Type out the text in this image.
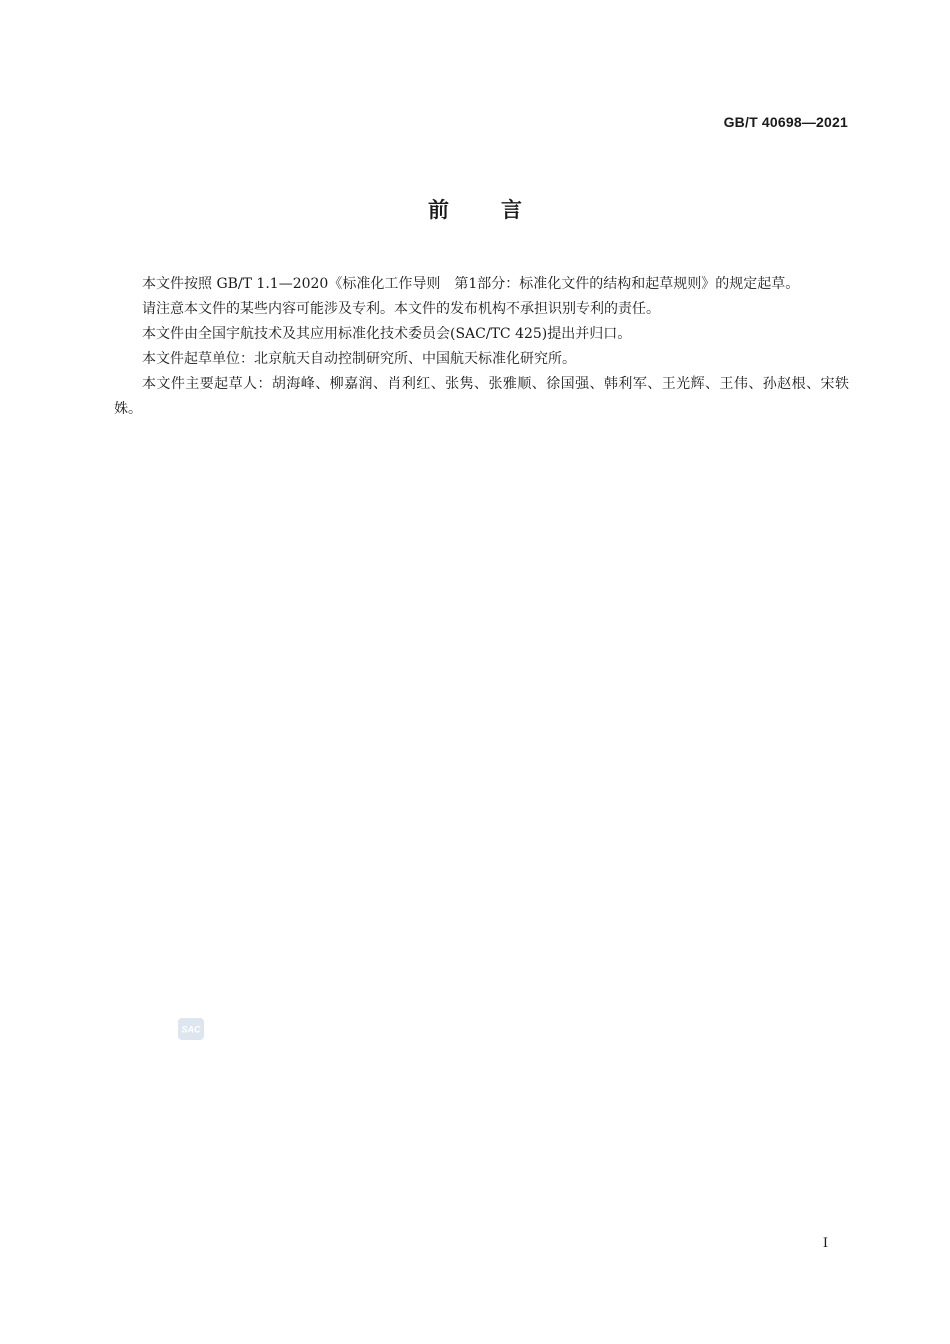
GB/T 40698—2021
前 言

本文件按照 GB/T 1.1—2020《标准化工作导则　第1部分：标准化文件的结构和起草规则》的规定起草。

请注意本文件的某些内容可能涉及专利。本文件的发布机构不承担识别专利的责任。

本文件由全国宇航技术及其应用标准化技术委员会(SAC/TC 425)提出并归口。

本文件起草单位：北京航天自动控制研究所、中国航天标准化研究所。

本文件主要起草人：胡海峰、柳嘉润、肖利红、张隽、张雅顺、徐国强、韩利军、王光辉、王伟、孙赵根、宋轶姝。

SAC
I
